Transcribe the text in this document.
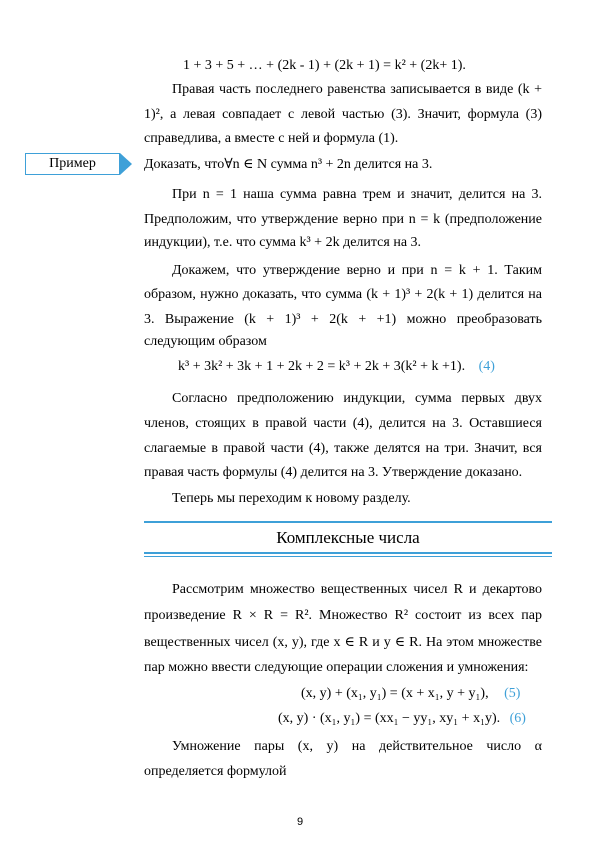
1 + 3 + 5 + … + (2k - 1) + (2k + 1) = k² + (2k+ 1).
Правая часть последнего равенства записывается в виде (k +
1)², а левая совпадает с левой частью (3). Значит, формула (3)
справедлива, а вместе с ней и формула (1).
Пример	Доказать, что∀n ∈ N сумма n³ + 2n делится на 3.
При n = 1 наша сумма равна трем и значит, делится на 3.
Предположим, что утверждение верно при n = k (предположение
индукции), т.е. что сумма k³ + 2k делится на 3.
Докажем, что утверждение верно и при n = k + 1. Таким
образом, нужно доказать, что сумма (k + 1)³ + 2(k + 1) делится на
3. Выражение (k + 1)³ + 2(k + +1) можно преобразовать
следующим образом
k³ + 3k² + 3k + 1 + 2k + 2 = k³ + 2k + 3(k² + k +1). (4)
Согласно предположению индукции, сумма первых двух
членов, стоящих в правой части (4), делится на 3. Оставшиеся
слагаемые в правой части (4), также делятся на три. Значит, вся
правая часть формулы (4) делится на 3. Утверждение доказано.
Теперь мы переходим к новому разделу.
Комплексные числа
Рассмотрим множество вещественных чисел R и декартово
произведение R × R = R². Множество R² состоит из всех пар
вещественных чисел (x, y), где x ∈ R и y ∈ R. На этом множестве
пар можно ввести следующие операции сложения и умножения:
(x, y) + (x₁, y₁) = (x + x₁, y + y₁), (5)
(x, y) · (x₁, y₁) = (xx₁ − yy₁, xy₁ + x₁y). (6)
Умножение пары (x, y) на действительное число α
определяется формулой
9
